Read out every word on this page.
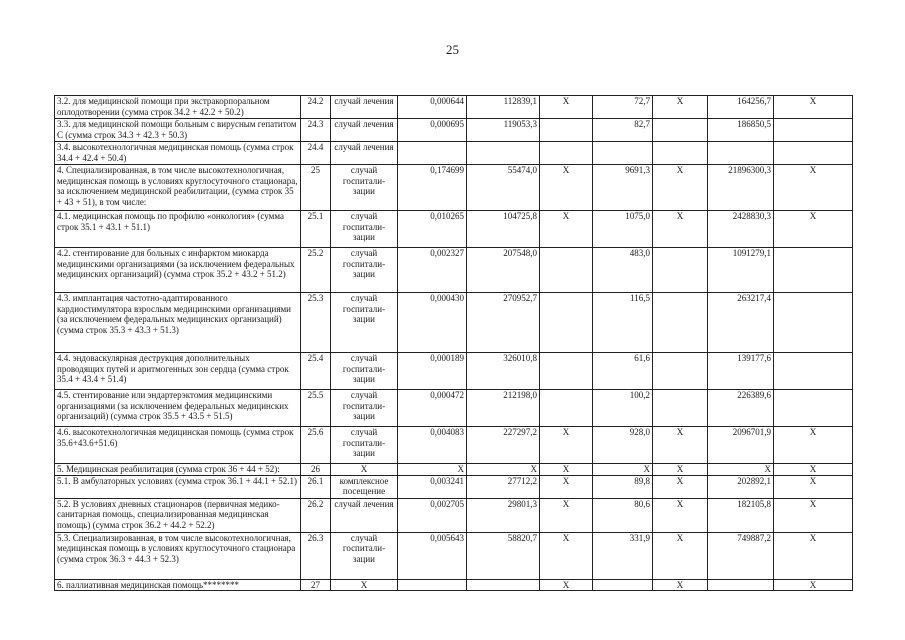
25
3.2. для медицинской помощи при экстракорпоральном оплодотворении (сумма строк 34.2 + 42.2 + 50.2)	24.2	случай лечения	0,000644	112839,1	X	72,7	X	164256,7	X
3.3. для медицинской помощи больным с вирусным гепатитом С (сумма строк 34.3 + 42.3 + 50.3)	24.3	случай лечения	0,000695	119053,3		82,7		186850,5	
3.4. высокотехнологичная медицинская помощь (сумма строк 34.4 + 42.4 + 50.4)	24.4	случай лечения							
4. Специализированная, в том числе высокотехнологичная, медицинская помощь в условиях круглосуточного стационара, за исключением медицинской реабилитации, (сумма строк 35 + 43 + 51), в том числе:	25	случай госпитали-зации	0,174699	55474,0	X	9691,3	X	21896300,3	X
4.1. медицинская помощь по профилю «онкология» (сумма строк 35.1 + 43.1 + 51.1)	25.1	случай госпитали-зации	0,010265	104725,8	X	1075,0	X	2428830,3	X
4.2. стентирование для больных с инфарктом миокарда медицинскими организациями (за исключением федеральных медицинских организаций) (сумма строк 35.2 + 43.2 + 51.2)	25.2	случай госпитали-зации	0,002327	207548,0		483,0		1091279,1	
4.3. имплантация частотно-адаптированного кардиостимулятора взрослым медицинскими организациями (за исключением федеральных медицинских организаций) (сумма строк 35.3 + 43.3 + 51.3)	25.3	случай госпитали-зации	0,000430	270952,7		116,5		263217,4	
4.4. эндоваскулярная деструкция дополнительных проводящих путей и аритмогенных зон сердца (сумма строк 35.4 + 43.4 + 51.4)	25.4	случай госпитали-зации	0,000189	326010,8		61,6		139177,6	
4.5. стентирование или эндартерэктомия медицинскими организациями (за исключением федеральных медицинских организаций) (сумма строк 35.5 + 43.5 + 51.5)	25.5	случай госпитали-зации	0,000472	212198,0		100,2		226389,6	
4.6. высокотехнологичная медицинская помощь (сумма строк 35.6+43.6+51.6)	25.6	случай госпитали-зации	0,004083	227297,2	X	928,0	X	2096701,9	X
5. Медицинская реабилитация (сумма строк 36 + 44 + 52):	26	X	X	X	X	X	X	X	X
5.1. В амбулаторных условиях (сумма строк 36.1 + 44.1 + 52.1)	26.1	комплексное посещение	0,003241	27712,2	X	89,8	X	202892,1	X
5.2. В условиях дневных стационаров (первичная медико-санитарная помощь, специализированная медицинская помощь) (сумма строк 36.2 + 44.2 + 52.2)	26.2	случай лечения	0,002705	29801,3	X	80,6	X	182105,8	X
5.3. Специализированная, в том числе высокотехнологичная, медицинская помощь в условиях круглосуточного стационара (сумма строк 36.3 + 44.3 + 52.3)	26.3	случай госпитали-зации	0,005643	58820,7	X	331,9	X	749887,2	X
6. паллиативная медицинская помощь********	27	X			X		X		X
